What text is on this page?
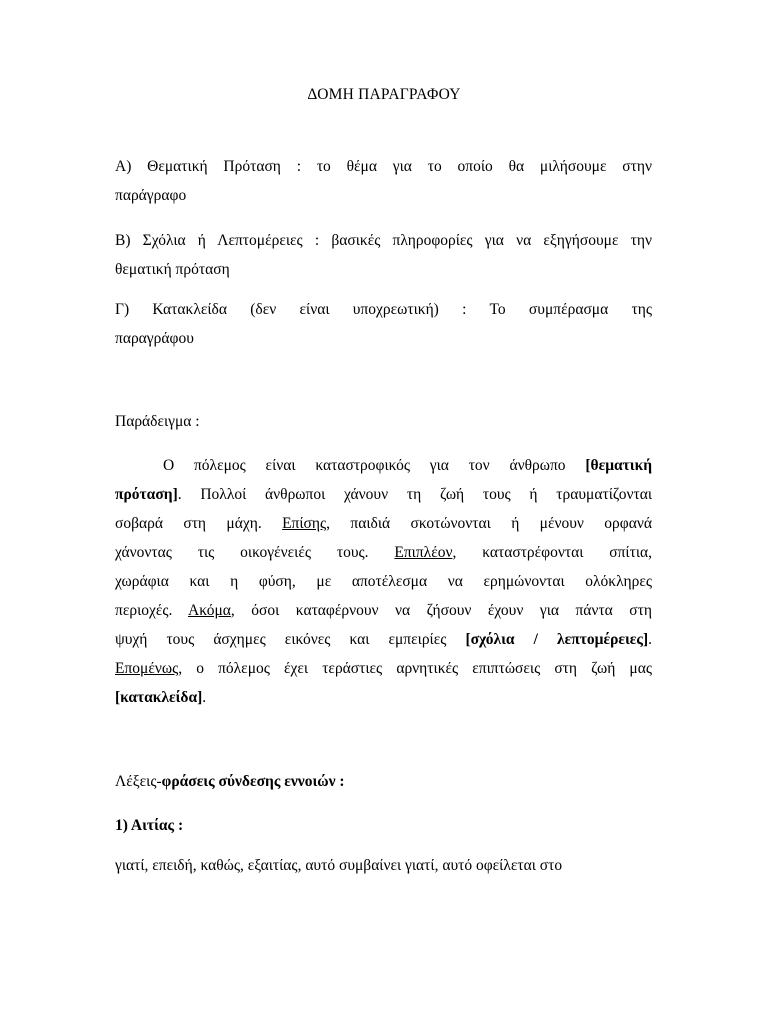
ΔΟΜΗ ΠΑΡΑΓΡΑΦΟΥ
Α) Θεματική Πρόταση : το θέμα για το οποίο θα μιλήσουμε στην
παράγραφο
Β) Σχόλια ή Λεπτομέρειες : βασικές πληροφορίες για να εξηγήσουμε την
θεματική πρόταση
Γ) Κατακλείδα (δεν είναι υποχρεωτική) : Το συμπέρασμα της
παραγράφου
Παράδειγμα :
Ο πόλεμος είναι καταστροφικός για τον άνθρωπο [θεματική
πρόταση]. Πολλοί άνθρωποι χάνουν τη ζωή τους ή τραυματίζονται
σοβαρά στη μάχη. Επίσης, παιδιά σκοτώνονται ή μένουν ορφανά
χάνοντας τις οικογένειές τους. Επιπλέον, καταστρέφονται σπίτια,
χωράφια και η φύση, με αποτέλεσμα να ερημώνονται ολόκληρες
περιοχές. Ακόμα, όσοι καταφέρνουν να ζήσουν έχουν για πάντα στη
ψυχή τους άσχημες εικόνες και εμπειρίες [σχόλια / λεπτομέρειες].
Επομένως, ο πόλεμος έχει τεράστιες αρνητικές επιπτώσεις στη ζωή μας
[κατακλείδα].
Λέξεις-φράσεις σύνδεσης εννοιών :
1) Αιτίας :
γιατί, επειδή, καθώς, εξαιτίας, αυτό συμβαίνει γιατί, αυτό οφείλεται στο
